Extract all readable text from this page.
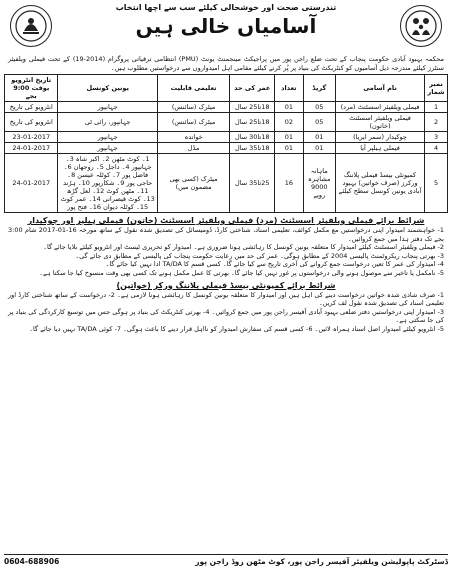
تندرستی صحت اور خوشحالی کیلئے سب سے اچھا انتخاب
آسامیاں خالی ہیں
محکمہ بہبود آبادی حکومت پنجاب کے تحت ضلع راجن پور میں پراجیکٹ مینجمنٹ یونٹ (PMU) انتظامی ترقیاتی پروگرام (2014-19) کے تحت فیملی ویلفیئر سنٹرز کیلئے مندرجہ ذیل آسامیوں کو کنٹریکٹ کی بنیاد پر پُر کرنے کیلئے مقامی اہل امیدواروں سے درخواستیں مطلوب ہیں۔
نمبر شمار	نام آسامی	گریڈ	تعداد	عمر کی حد	تعلیمی قابلیت	یونین کونسل	تاریخ انٹرویو بوقت 9:00 بجے
1	فیملی ویلفیئر اسسٹنٹ (مرد)	05	01	18تا25 سال	میٹرک (سائنس)	جہانپور	انٹرویو کی تاریخ
2	فیملی ویلفیئر اسسٹنٹ (خاتون)	05	02	18تا25 سال	میٹرک (سائنس)	جہانپور، رائی ٹی	انٹرویو کی تاریخ
3	چوکیدار (سمر ایریا)	01	01	18تا30 سال	خواندہ	جہانپور	23-01-2017
4	فیملی ہیلپر آیا	01	01	18تا35 سال	مڈل	جہانپور	24-01-2017
5	کمیونٹی بیسڈ فیملی پلاننگ ورکرز (صرف خواتین) بہبود آبادی یونین کونسل سطح کیلئے	ماہانہ مشاہرہ 9000 روپے	16	25تا35 سال	میٹرک (کسی بھی مضمون میں)	1۔ کوٹ مٹھن 2۔ اکبر شاہ 3۔ جہانپور 4۔ داجل 5۔ روجھان 6۔ فاضل پور 7۔ کوٹلہ عیسن 8۔ حاجی پور 9۔ شکارپور 10۔ ہڑند 11۔ مٹھن کوٹ 12۔ لعل گڑھ 13۔ کوٹ قیصرانی 14۔ عمر کوٹ 15۔ کوٹلہ دیوان 16۔ فتح پور	24-01-2017
شرائط برائے فیملی ویلفیئر اسسٹنٹ (مرد) فیملی ویلفیئر اسسٹنٹ (خاتون) فیملی ہیلپر اور چوکیدار
1- خواہشمند امیدوار اپنی درخواستیں مع مکمل کوائف، تعلیمی اسناد، شناختی کارڈ، ڈومیسائل کی تصدیق شدہ نقول کے ساتھ مورخہ 16-01-2017 شام 3:00 بجے تک دفتر ہذا میں جمع کروائیں۔
2- فیملی ویلفیئر اسسٹنٹ کیلئے امیدوار کا متعلقہ یونین کونسل کا رہائشی ہونا ضروری ہے۔ امیدوار کو تحریری ٹیسٹ اور انٹرویو کیلئے بلایا جائے گا۔
3- بھرتی پنجاب ریکروٹمنٹ پالیسی 2004 کے مطابق ہوگی۔ عمر کی حد میں رعایت حکومت پنجاب کی پالیسی کے مطابق دی جائے گی۔
4- امیدوار کی عمر کا تعین درخواست جمع کروانے کی آخری تاریخ سے کیا جائے گا۔ کسی قسم کا TA/DA ادا نہیں کیا جائے گا۔
5- نامکمل یا تاخیر سے موصول ہونے والی درخواستوں پر غور نہیں کیا جائے گا۔ بھرتی کا عمل مکمل ہونے تک کسی بھی وقت منسوخ کیا جا سکتا ہے۔
شرائط برائے کمیونٹی بیسڈ فیملی پلاننگ ورکر (خواتین)
1- صرف شادی شدہ خواتین درخواست دینے کی اہل ہیں اور امیدوار کا متعلقہ یونین کونسل کا رہائشی ہونا لازمی ہے۔ 2- درخواست کے ساتھ شناختی کارڈ اور تعلیمی اسناد کی تصدیق شدہ نقول لف کریں۔
3- امیدوار اپنی درخواستیں دفتر ضلعی بہبود آبادی آفیسر راجن پور میں جمع کروائیں۔ 4- بھرتی کنٹریکٹ کی بنیاد پر ہوگی جس میں توسیع کارکردگی کی بنیاد پر کی جا سکتی ہے۔
5- انٹرویو کیلئے امیدوار اصل اسناد ہمراہ لائیں۔ 6- کسی قسم کی سفارش امیدوار کو نااہل قرار دینے کا باعث ہوگی۔ 7- کوئی TA/DA نہیں دیا جائے گا۔
ڈسٹرکٹ پاپولیشن ویلفیئر آفیسر راجن پور، کوٹ مٹھن روڈ راجن پور
0604-688906
